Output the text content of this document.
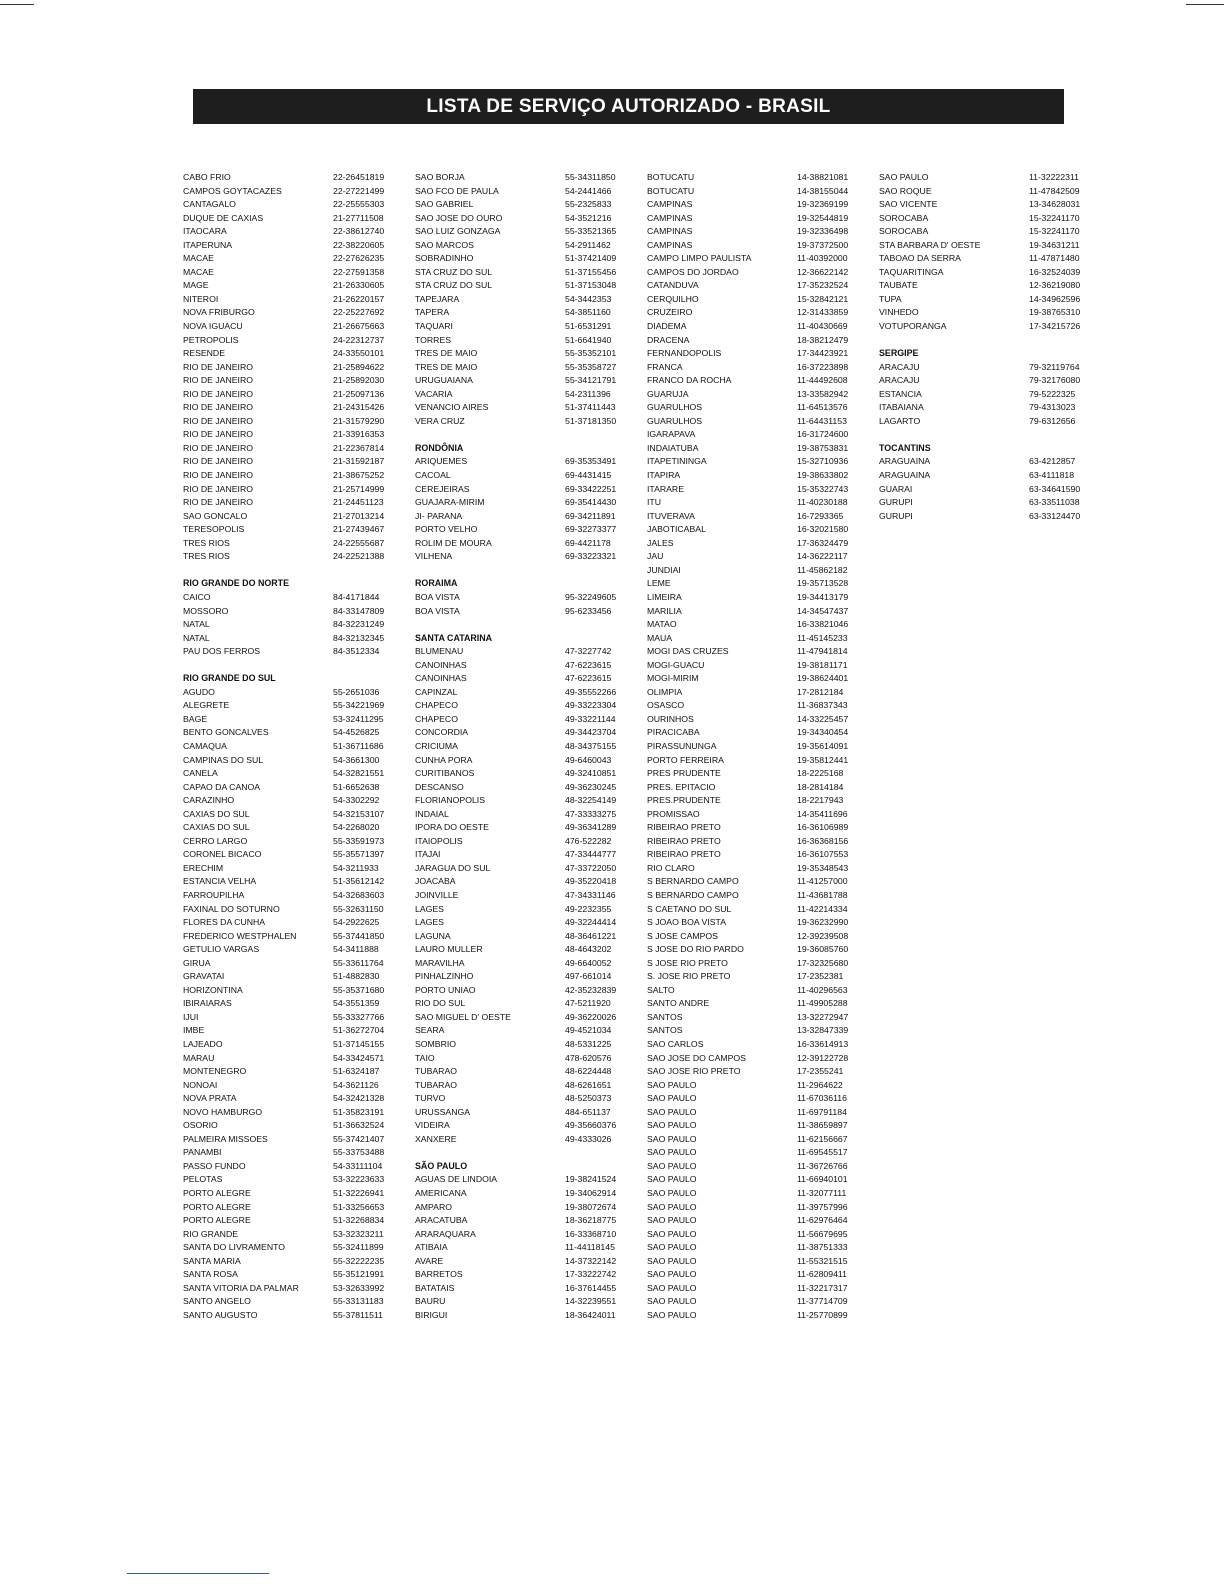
LISTA DE SERVIÇO AUTORIZADO - BRASIL
CABO FRIO	22-26451819
CAMPOS GOYTACAZES	22-27221499
CANTAGALO	22-25555303
DUQUE DE CAXIAS	21-27711508
ITAOCARA	22-38612740
ITAPERUNA	22-38220605
MACAE	22-27626235
MACAE	22-27591358
MAGE	21-26330605
NITEROI	21-26220157
NOVA FRIBURGO	22-25227692
NOVA IGUACU	21-26675663
PETROPOLIS	24-22312737
RESENDE	24-33550101
RIO DE JANEIRO	21-25894622
RIO DE JANEIRO	21-25892030
RIO DE JANEIRO	21-25097136
RIO DE JANEIRO	21-24315426
RIO DE JANEIRO	21-31579290
RIO DE JANEIRO	21-33916353
RIO DE JANEIRO	21-22367814
RIO DE JANEIRO	21-31592187
RIO DE JANEIRO	21-38675252
RIO DE JANEIRO	21-25714999
RIO DE JANEIRO	21-24451123
SAO GONCALO	21-27013214
TERESOPOLIS	21-27439467
TRES RIOS	24-22555687
TRES RIOS	24-22521388
RIO GRANDE DO NORTE
CAICO	84-4171844
MOSSORO	84-33147809
NATAL	84-32231249
NATAL	84-32132345
PAU DOS FERROS	84-3512334
RIO GRANDE DO SUL
AGUDO	55-2651036
ALEGRETE	55-34221969
BAGE	53-32411295
BENTO GONCALVES	54-4526825
CAMAQUA	51-36711686
CAMPINAS DO SUL	54-3661300
CANELA	54-32821551
CAPAO DA CANOA	51-6652638
CARAZINHO	54-3302292
CAXIAS DO SUL	54-32153107
CAXIAS DO SUL	54-2268020
CERRO LARGO	55-33591973
CORONEL BICACO	55-35571397
ERECHIM	54-3211933
ESTANCIA VELHA	51-35612142
FARROUPILHA	54-32683603
FAXINAL DO SOTURNO	55-32631150
FLORES DA CUNHA	54-2922625
FREDERICO WESTPHALEN	55-37441850
GETULIO VARGAS	54-3411888
GIRUA	55-33611764
GRAVATAI	51-4882830
HORIZONTINA	55-35371680
IBIRAIARAS	54-3551359
IJUI	55-33327766
IMBE	51-36272704
LAJEADO	51-37145155
MARAU	54-33424571
MONTENEGRO	51-6324187
NONOAI	54-3621126
NOVA PRATA	54-32421328
NOVO HAMBURGO	51-35823191
OSORIO	51-36632524
PALMEIRA MISSOES	55-37421407
PANAMBI	55-33753488
PASSO FUNDO	54-33111104
PELOTAS	53-32223633
PORTO ALEGRE	51-32226941
PORTO ALEGRE	51-33256653
PORTO ALEGRE	51-32268834
RIO GRANDE	53-32323211
SANTA DO LIVRAMENTO	55-32411899
SANTA MARIA	55-32222235
SANTA ROSA	55-35121991
SANTA VITORIA DA PALMAR	53-32633992
SANTO ANGELO	55-33131183
SANTO AUGUSTO	55-37811511
SAO BORJA	55-34311850
SAO FCO DE PAULA	54-2441466
SAO GABRIEL	55-2325833
SAO JOSE DO OURO	54-3521216
SAO LUIZ GONZAGA	55-33521365
SAO MARCOS	54-2911462
SOBRADINHO	51-37421409
STA CRUZ DO SUL	51-37155456
STA CRUZ DO SUL	51-37153048
TAPEJARA	54-3442353
TAPERA	54-3851160
TAQUARI	51-6531291
TORRES	51-6641940
TRES DE MAIO	55-35352101
TRES DE MAIO	55-35358727
URUGUAIANA	55-34121791
VACARIA	54-2311396
VENANCIO AIRES	51-37411443
VERA CRUZ	51-37181350
RONDÔNIA
ARIQUEMES	69-35353491
CACOAL	69-4431415
CEREJEIRAS	69-33422251
GUAJARA-MIRIM	69-35414430
JI- PARANA	69-34211891
PORTO VELHO	69-32273377
ROLIM DE MOURA	69-4421178
VILHENA	69-33223321
RORAIMA
BOA VISTA	95-32249605
BOA VISTA	95-6233456
SANTA CATARINA
BLUMENAU	47-3227742
CANOINHAS	47-6223615
CANOINHAS	47-6223615
CAPINZAL	49-35552266
CHAPECO	49-33223304
CHAPECO	49-33221144
CONCORDIA	49-34423704
CRICIUMA	48-34375155
CUNHA PORA	49-6460043
CURITIBANOS	49-32410851
DESCANSO	49-36230245
FLORIANOPOLIS	48-32254149
INDAIAL	47-33333275
IPORA DO OESTE	49-36341289
ITAIOPOLIS	476-522282
ITAJAI	47-33444777
JARAGUA DO SUL	47-33722050
JOACABA	49-35220418
JOINVILLE	47-34331146
LAGES	49-2232355
LAGES	49-32244414
LAGUNA	48-36461221
LAURO MULLER	48-4643202
MARAVILHA	49-6640052
PINHALZINHO	497-661014
PORTO UNIAO	42-35232839
RIO DO SUL	47-5211920
SAO MIGUEL D' OESTE	49-36220026
SEARA	49-4521034
SOMBRIO	48-5331225
TAIO	478-620576
TUBARAO	48-6224448
TUBARAO	48-6261651
TURVO	48-5250373
URUSSANGA	484-651137
VIDEIRA	49-35660376
XANXERE	49-4333026
SÃO PAULO
AGUAS DE LINDOIA	19-38241524
AMERICANA	19-34062914
AMPARO	19-38072674
ARACATUBA	18-36218775
ARARAQUARA	16-33368710
ATIBAIA	11-44118145
AVARE	14-37322142
BARRETOS	17-33222742
BATATAIS	16-37614455
BAURU	14-32239551
BIRIGUI	18-36424011
BOTUCATU	14-38821081
BOTUCATU	14-38155044
CAMPINAS	19-32369199
CAMPINAS	19-32544819
CAMPINAS	19-32336498
CAMPINAS	19-37372500
CAMPO LIMPO PAULISTA	11-40392000
CAMPOS DO JORDAO	12-36622142
CATANDUVA	17-35232524
CERQUILHO	15-32842121
CRUZEIRO	12-31433859
DIADEMA	11-40430669
DRACENA	18-38212479
FERNANDOPOLIS	17-34423921
FRANCA	16-37223898
FRANCO DA ROCHA	11-44492608
GUARUJA	13-33582942
GUARULHOS	11-64513576
GUARULHOS	11-64431153
IGARAPAVA	16-31724600
INDAIATUBA	19-38753831
ITAPETININGA	15-32710936
ITAPIRA	19-38633802
ITARARE	15-35322743
ITU	11-40230188
ITUVERAVA	16-7293365
JABOTICABAL	16-32021580
JALES	17-36324479
JAU	14-36222117
JUNDIAI	11-45862182
LEME	19-35713528
LIMEIRA	19-34413179
MARILIA	14-34547437
MATAO	16-33821046
MAUA	11-45145233
MOGI DAS CRUZES	11-47941814
MOGI-GUACU	19-38181171
MOGI-MIRIM	19-38624401
OLIMPIA	17-2812184
OSASCO	11-36837343
OURINHOS	14-33225457
PIRACICABA	19-34340454
PIRASSUNUNGA	19-35614091
PORTO FERREIRA	19-35812441
PRES PRUDENTE	18-2225168
PRES. EPITACIO	18-2814184
PRES.PRUDENTE	18-2217943
PROMISSAO	14-35411696
RIBEIRAO PRETO	16-36106989
RIBEIRAO PRETO	16-36368156
RIBEIRAO PRETO	16-36107553
RIO CLARO	19-35348543
S BERNARDO CAMPO	11-41257000
S BERNARDO CAMPO	11-43681788
S CAETANO DO SUL	11-42214334
S JOAO BOA VISTA	19-36232990
S JOSE CAMPOS	12-39239508
S JOSE DO RIO PARDO	19-36085760
S JOSE RIO PRETO	17-32325680
S. JOSE RIO PRETO	17-2352381
SALTO	11-40296563
SANTO ANDRE	11-49905288
SANTOS	13-32272947
SANTOS	13-32847339
SAO CARLOS	16-33614913
SAO JOSE DO CAMPOS	12-39122728
SAO JOSE RIO PRETO	17-2355241
SAO PAULO	11-2964622
SAO PAULO	11-67036116
SAO PAULO	11-69791184
SAO PAULO	11-38659897
SAO PAULO	11-62156667
SAO PAULO	11-69545517
SAO PAULO	11-36726766
SAO PAULO	11-66940101
SAO PAULO	11-32077111
SAO PAULO	11-39757996
SAO PAULO	11-62976464
SAO PAULO	11-56679695
SAO PAULO	11-38751333
SAO PAULO	11-55321515
SAO PAULO	11-62809411
SAO PAULO	11-32217317
SAO PAULO	11-37714709
SAO PAULO	11-25770899
SAO PAULO	11-32222311
SAO ROQUE	11-47842509
SAO VICENTE	13-34628031
SOROCABA	15-32241170
SOROCABA	15-32241170
STA BARBARA D' OESTE	19-34631211
TABOAO DA SERRA	11-47871480
TAQUARITINGA	16-32524039
TAUBATE	12-36219080
TUPA	14-34962596
VINHEDO	19-38765310
VOTUPORANGA	17-34215726
SERGIPE
ARACAJU	79-32119764
ARACAJU	79-32176080
ESTANCIA	79-5222325
ITABAIANA	79-4313023
LAGARTO	79-6312656
TOCANTINS
ARAGUAINA	63-4212857
ARAGUAINA	63-4111818
GUARAI	63-34641590
GURUPI	63-33511038
GURUPI	63-33124470
